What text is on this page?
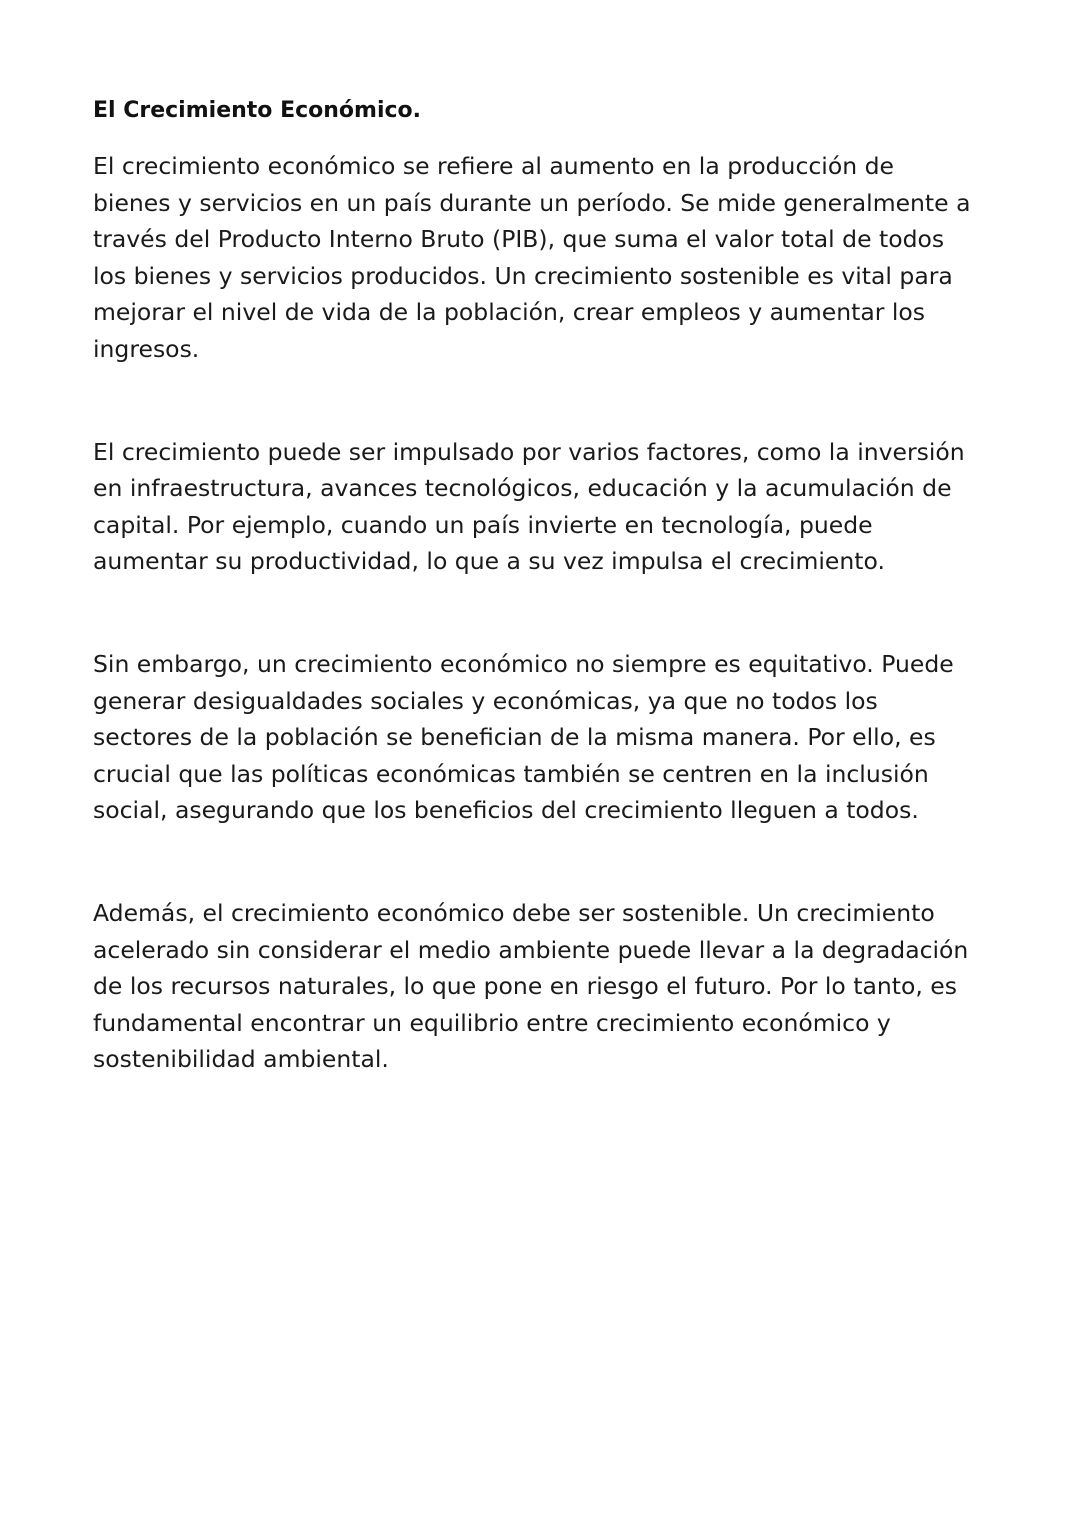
El Crecimiento Económico.

El crecimiento económico se refiere al aumento en la producción de bienes y servicios en un país durante un período. Se mide generalmente a través del Producto Interno Bruto (PIB), que suma el valor total de todos los bienes y servicios producidos. Un crecimiento sostenible es vital para mejorar el nivel de vida de la población, crear empleos y aumentar los ingresos.

El crecimiento puede ser impulsado por varios factores, como la inversión en infraestructura, avances tecnológicos, educación y la acumulación de capital. Por ejemplo, cuando un país invierte en tecnología, puede aumentar su productividad, lo que a su vez impulsa el crecimiento.

Sin embargo, un crecimiento económico no siempre es equitativo. Puede generar desigualdades sociales y económicas, ya que no todos los sectores de la población se benefician de la misma manera. Por ello, es crucial que las políticas económicas también se centren en la inclusión social, asegurando que los beneficios del crecimiento lleguen a todos.

Además, el crecimiento económico debe ser sostenible. Un crecimiento acelerado sin considerar el medio ambiente puede llevar a la degradación de los recursos naturales, lo que pone en riesgo el futuro. Por lo tanto, es fundamental encontrar un equilibrio entre crecimiento económico y sostenibilidad ambiental.
